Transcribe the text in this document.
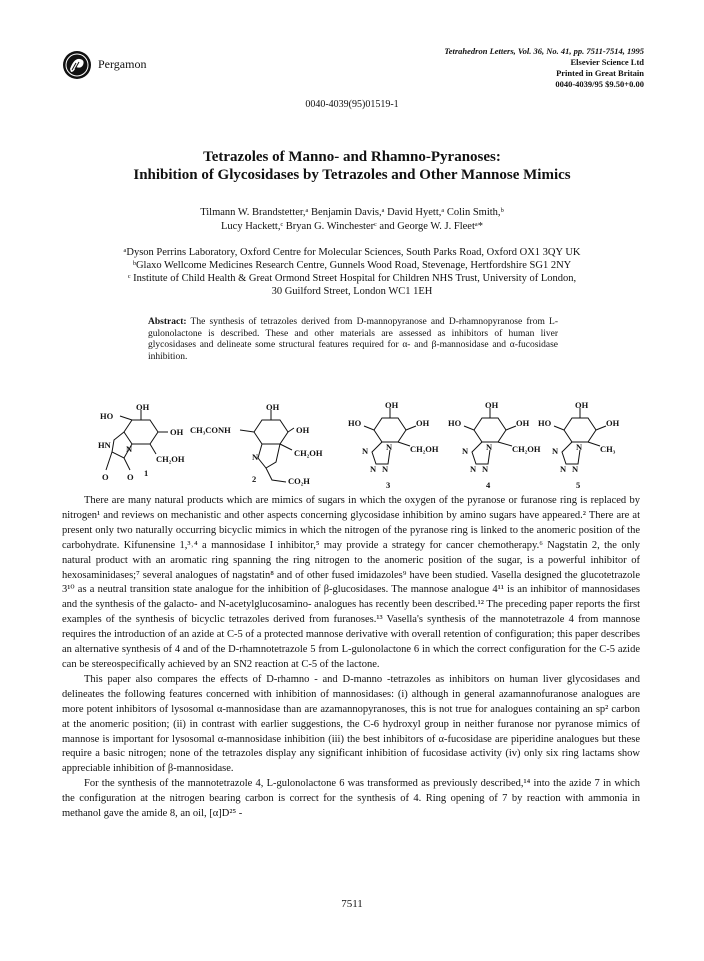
Pergamon
Tetrahedron Letters, Vol. 36, No. 41, pp. 7511-7514, 1995
Elsevier Science Ltd
Printed in Great Britain
0040-4039/95 $9.50+0.00
0040-4039(95)01519-1
Tetrazoles of Manno- and Rhamno-Pyranoses:
Inhibition of Glycosidases by Tetrazoles and Other Mannose Mimics
Tilmann W. Brandstetter,ᵃ Benjamin Davis,ᵃ David Hyett,ᵃ Colin Smith,ᵇ
Lucy Hackett,ᶜ Bryan G. Winchesterᶜ and George W. J. Fleetᵃ*
ᵃDyson Perrins Laboratory, Oxford Centre for Molecular Sciences, South Parks Road, Oxford OX1 3QY UK
ᵇGlaxo Wellcome Medicines Research Centre, Gunnels Wood Road, Stevenage, Hertfordshire SG1 2NY
ᶜ Institute of Child Health & Great Ormond Street Hospital for Children NHS Trust, University of London,
30 Guilford Street, London WC1 1EH
Abstract: The synthesis of tetrazoles derived from D-mannopyranose and D-rhamnopyranose from L-gulonolactone is described. These and other materials are assessed as inhibitors of human liver glycosidases and delineate some structural features required for α- and β-mannosidase and α-fucosidase inhibition.
OH
HO
OH
HN N
CH₂OH
O O 1
OH
CH₃CONH	OH
N	CH₂OH
2	CO₂H
OH
HO	OH
N N
N N
CH₂OH
3
OH
HO	OH
N N
N N
CH₂OH
4
OH
HO	OH
N N
N N
CH₃
5

There are many natural products which are mimics of sugars in which the oxygen of the pyranose or furanose ring is replaced by nitrogen¹ and reviews on mechanistic and other aspects concerning glycosidase inhibition by amino sugars have appeared.² There are at present only two naturally occurring bicyclic mimics in which the nitrogen of the pyranose ring is linked to the anomeric position of the carbohydrate. Kifunensine 1,³˒⁴ a mannosidase I inhibitor,⁵ may provide a strategy for cancer chemotherapy.⁶ Nagstatin 2, the only natural product with an aromatic ring spanning the ring nitrogen to the anomeric position of the sugar, is a powerful inhibitor of hexosaminidases;⁷ several analogues of nagstatin⁸ and of other fused imidazoles⁹ have been studied. Vasella designed the glucotetrazole 3¹⁰ as a neutral transition state analogue for the inhibition of β-glucosidases. The mannose analogue 4¹¹ is an inhibitor of mannosidases and the synthesis of the galacto- and N-acetylglucosamino- analogues has recently been described.¹² The preceding paper reports the first examples of the synthesis of bicyclic tetrazoles derived from furanoses.¹³ Vasella's synthesis of the mannotetrazole 4 from mannose requires the introduction of an azide at C-5 of a protected mannose derivative with overall retention of configuration; this paper describes an alternative synthesis of 4 and of the D-rhamnotetrazole 5 from L-gulonolactone 6 in which the correct configuration for the C-5 azide can be stereospecifically achieved by an SN2 reaction at C-5 of the lactone.

This paper also compares the effects of D-rhamno - and D-manno -tetrazoles as inhibitors on human liver glycosidases and delineates the following features concerned with inhibition of mannosidases: (i) although in general azamannofuranose analogues are more potent inhibitors of lysosomal α-mannosidase than are azamannopyranoses, this is not true for analogues containing an sp² carbon at the anomeric position; (ii) in contrast with earlier suggestions, the C-6 hydroxyl group in neither furanose nor pyranose mimics of mannose is important for lysosomal α-mannosidase inhibition (iii) the best inhibitors of α-fucosidase are piperidine analogues but these require a basic nitrogen; none of the tetrazoles display any significant inhibition of fucosidase activity (iv) only six ring lactams show appreciable inhibition of β-mannosidase.

For the synthesis of the mannotetrazole 4, L-gulonolactone 6 was transformed as previously described,¹⁴ into the azide 7 in which the configuration at the nitrogen bearing carbon is correct for the synthesis of 4. Ring opening of 7 by reaction with ammonia in methanol gave the amide 8, an oil, [α]D²⁵ -

7511
